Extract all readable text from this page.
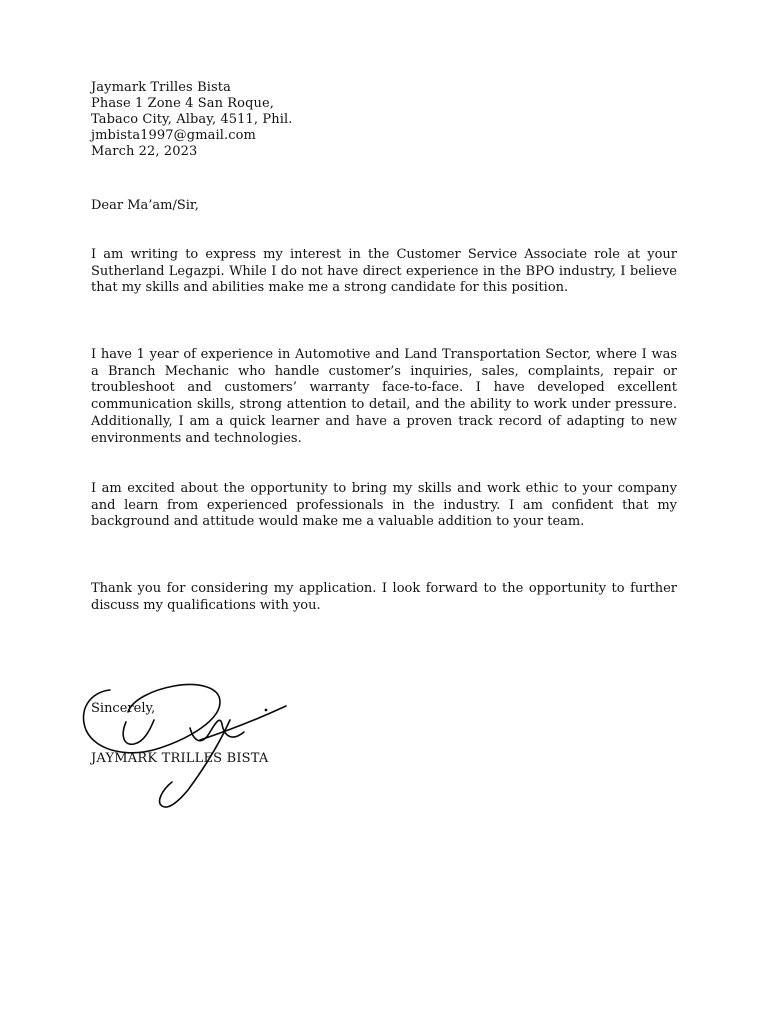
Jaymark Trilles Bista
Phase 1 Zone 4 San Roque,
Tabaco City, Albay, 4511, Phil.
jmbista1997@gmail.com
March 22, 2023
Dear Ma’am/Sir,

I am writing to express my interest in the Customer Service Associate role at your Sutherland Legazpi. While I do not have direct experience in the BPO industry, I believe that my skills and abilities make me a strong candidate for this position.

I have 1 year of experience in Automotive and Land Transportation Sector, where I was a Branch Mechanic who handle customer’s inquiries, sales, complaints, repair or troubleshoot and customers’ warranty face-to-face. I have developed excellent communication skills, strong attention to detail, and the ability to work under pressure. Additionally, I am a quick learner and have a proven track record of adapting to new environments and technologies.

I am excited about the opportunity to bring my skills and work ethic to your company and learn from experienced professionals in the industry. I am confident that my background and attitude would make me a valuable addition to your team.

Thank you for considering my application. I look forward to the opportunity to further discuss my qualifications with you.

Sincerely,
JAYMARK TRILLES BISTA
